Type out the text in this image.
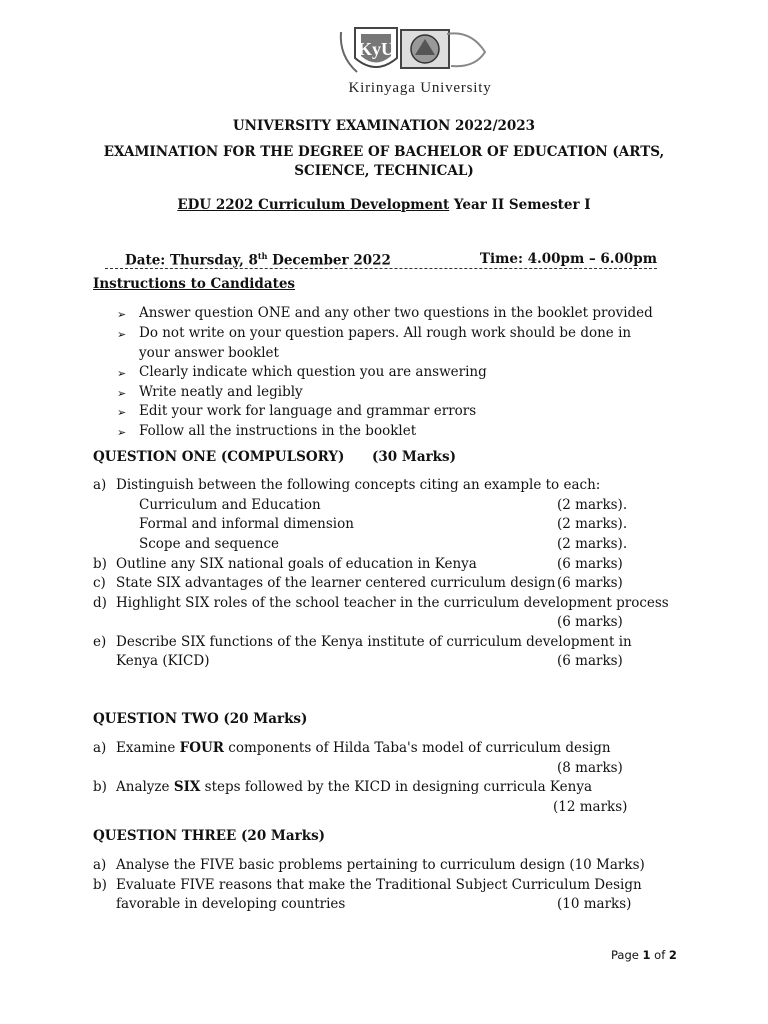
KyU
Kirinyaga University
UNIVERSITY EXAMINATION 2022/2023
EXAMINATION FOR THE DEGREE OF BACHELOR OF EDUCATION (ARTS,
SCIENCE, TECHNICAL)
EDU 2202 Curriculum Development Year II Semester I
Date: Thursday, 8th December 2022	Time: 4.00pm – 6.00pm
Instructions to Candidates
➢ Answer question ONE and any other two questions in the booklet provided
➢ Do not write on your question papers. All rough work should be done in
your answer booklet
➢ Clearly indicate which question you are answering
➢ Write neatly and legibly
➢ Edit your work for language and grammar errors
➢ Follow all the instructions in the booklet
QUESTION ONE (COMPULSORY) (30 Marks)
a) Distinguish between the following concepts citing an example to each:
Curriculum and Education	(2 marks).
Formal and informal dimension	(2 marks).
Scope and sequence	(2 marks).
b) Outline any SIX national goals of education in Kenya	(6 marks)
c) State SIX advantages of the learner centered curriculum design (6 marks)
d) Highlight SIX roles of the school teacher in the curriculum development process
(6 marks)
e) Describe SIX functions of the Kenya institute of curriculum development in
Kenya (KICD)	(6 marks)
QUESTION TWO (20 Marks)
a) Examine FOUR components of Hilda Taba's model of curriculum design
(8 marks)
b) Analyze SIX steps followed by the KICD in designing curricula Kenya
(12 marks)
QUESTION THREE (20 Marks)
a) Analyse the FIVE basic problems pertaining to curriculum design (10 Marks)
b) Evaluate FIVE reasons that make the Traditional Subject Curriculum Design
favorable in developing countries	(10 marks)
Page 1 of 2
